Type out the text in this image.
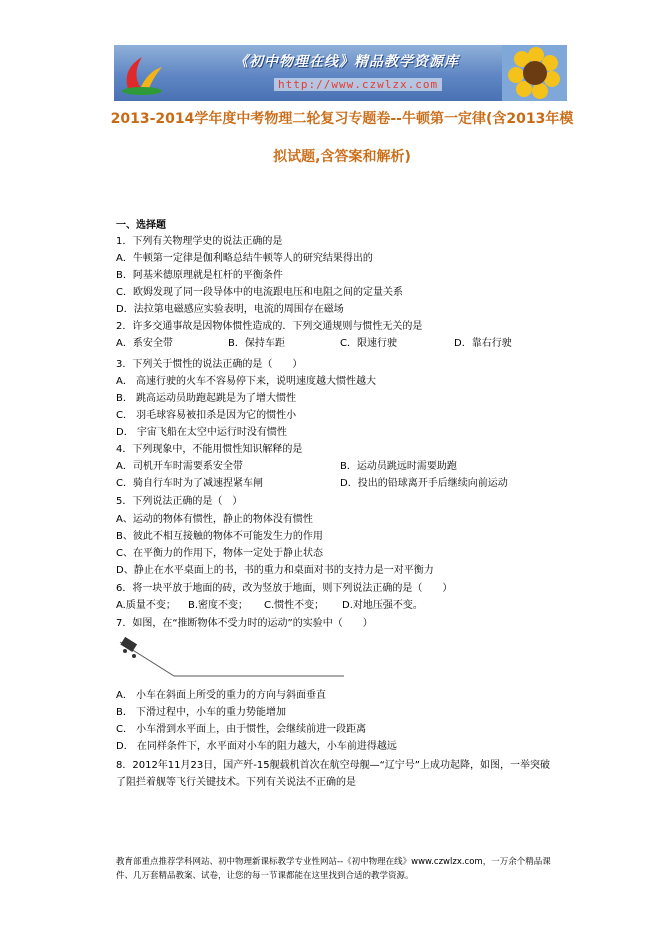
《初中物理在线》精品教学资源库
http://www.czwlzx.com
2013-2014学年度中考物理二轮复习专题卷--牛顿第一定律(含2013年模拟试题,含答案和解析)
一、选择题
1．下列有关物理学史的说法正确的是
A．牛顿第一定律是伽利略总结牛顿等人的研究结果得出的
B．阿基米德原理就是杠杆的平衡条件
C．欧姆发现了同一段导体中的电流跟电压和电阻之间的定量关系
D．法拉第电磁感应实验表明，电流的周围存在磁场
2．许多交通事故是因物体惯性造成的．下列交通规则与惯性无关的是
A．系安全带	B．保持车距	C．限速行驶	D．靠右行驶
3．下列关于惯性的说法正确的是（　　）
A． 高速行驶的火车不容易停下来，说明速度越大惯性越大
B． 跳高运动员助跑起跳是为了增大惯性
C． 羽毛球容易被扣杀是因为它的惯性小
D． 宇宙飞船在太空中运行时没有惯性
4．下列现象中，不能用惯性知识解释的是
A．司机开车时需要系安全带	B．运动员跳远时需要助跑
C．骑自行车时为了减速捏紧车闸	D．投出的铅球离开手后继续向前运动
5．下列说法正确的是（　）
A、运动的物体有惯性，静止的物体没有惯性
B、彼此不相互接触的物体不可能发生力的作用
C、在平衡力的作用下，物体一定处于静止状态
D、静止在水平桌面上的书，书的重力和桌面对书的支持力是一对平衡力
6．将一块平放于地面的砖，改为竖放于地面，则下列说法正确的是（　　）
A.质量不变； B.密度不变； C.惯性不变； D.对地压强不变。
7．如图，在“推断物体不受力时的运动”的实验中（　　）
A． 小车在斜面上所受的重力的方向与斜面垂直
B． 下滑过程中，小车的重力势能增加
C． 小车滑到水平面上，由于惯性，会继续前进一段距离
D． 在同样条件下，水平面对小车的阻力越大，小车前进得越远
8．2012年11月23日，国产歼-15舰载机首次在航空母舰—“辽宁号”上成功起降，如图，一举突破了阻拦着舰等飞行关键技术。下列有关说法不正确的是
教育部重点推荐学科网站、初中物理新课标教学专业性网站--《初中物理在线》www.czwlzx.com，一万余个精品课件、几万套精品教案、试卷，让您的每一节课都能在这里找到合适的教学资源。
